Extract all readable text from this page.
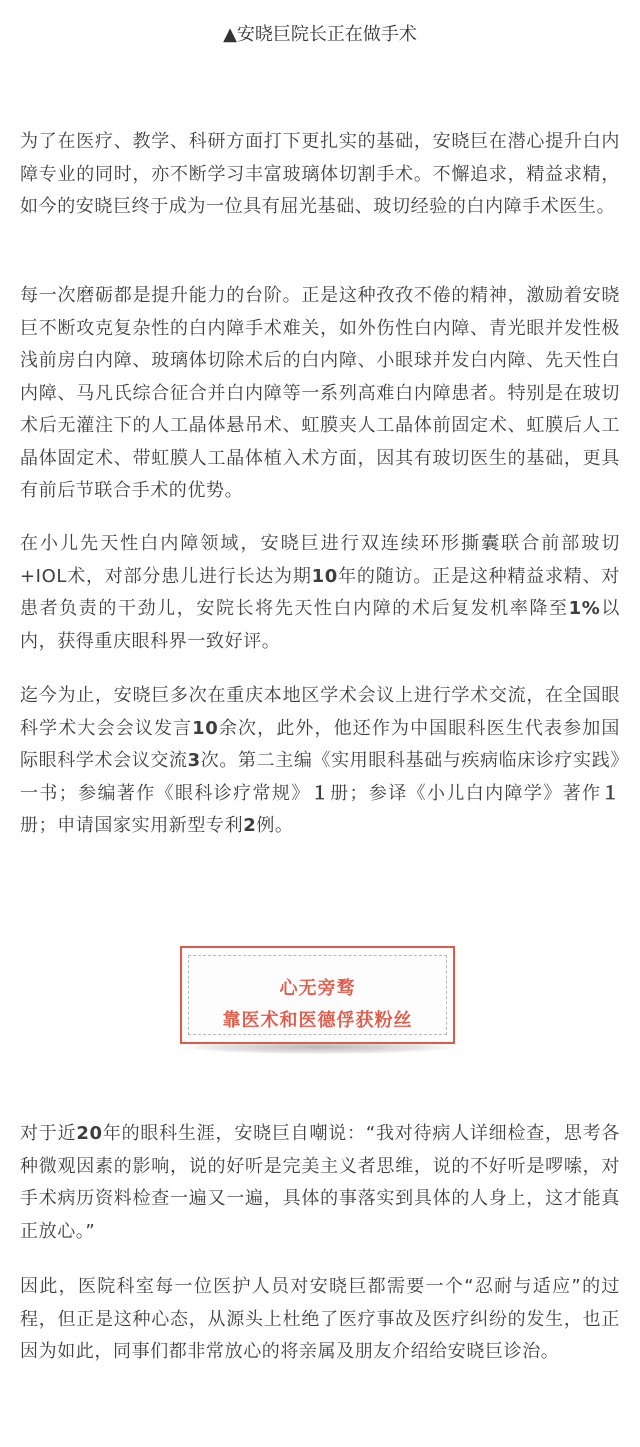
▲安晓巨院长正在做手术

为了在医疗、教学、科研方面打下更扎实的基础，安晓巨在潜心提升白内障专业的同时，亦不断学习丰富玻璃体切割手术。不懈追求，精益求精，如今的安晓巨终于成为一位具有屈光基础、玻切经验的白内障手术医生。

每一次磨砺都是提升能力的台阶。正是这种孜孜不倦的精神，激励着安晓巨不断攻克复杂性的白内障手术难关，如外伤性白内障、青光眼并发性极浅前房白内障、玻璃体切除术后的白内障、小眼球并发白内障、先天性白内障、马凡氏综合征合并白内障等一系列高难白内障患者。特别是在玻切术后无灌注下的人工晶体悬吊术、虹膜夹人工晶体前固定术、虹膜后人工晶体固定术、带虹膜人工晶体植入术方面，因其有玻切医生的基础，更具有前后节联合手术的优势。

在小儿先天性白内障领域，安晓巨进行双连续环形撕囊联合前部玻切+IOL术，对部分患儿进行长达为期10年的随访。正是这种精益求精、对患者负责的干劲儿，安院长将先天性白内障的术后复发机率降至1%以内，获得重庆眼科界一致好评。

迄今为止，安晓巨多次在重庆本地区学术会议上进行学术交流，在全国眼科学术大会会议发言10余次，此外，他还作为中国眼科医生代表参加国际眼科学术会议交流3次。第二主编《实用眼科基础与疾病临床诊疗实践》一书；参编著作《眼科诊疗常规》１册；参译《小儿白内障学》著作１册；申请国家实用新型专利2例。

心无旁骛
靠医术和医德俘获粉丝

对于近20年的眼科生涯，安晓巨自嘲说：“我对待病人详细检查，思考各种微观因素的影响，说的好听是完美主义者思维，说的不好听是啰嗦，对手术病历资料检查一遍又一遍，具体的事落实到具体的人身上，这才能真正放心。”

因此，医院科室每一位医护人员对安晓巨都需要一个“忍耐与适应”的过程，但正是这种心态，从源头上杜绝了医疗事故及医疗纠纷的发生，也正因为如此，同事们都非常放心的将亲属及朋友介绍给安晓巨诊治。
